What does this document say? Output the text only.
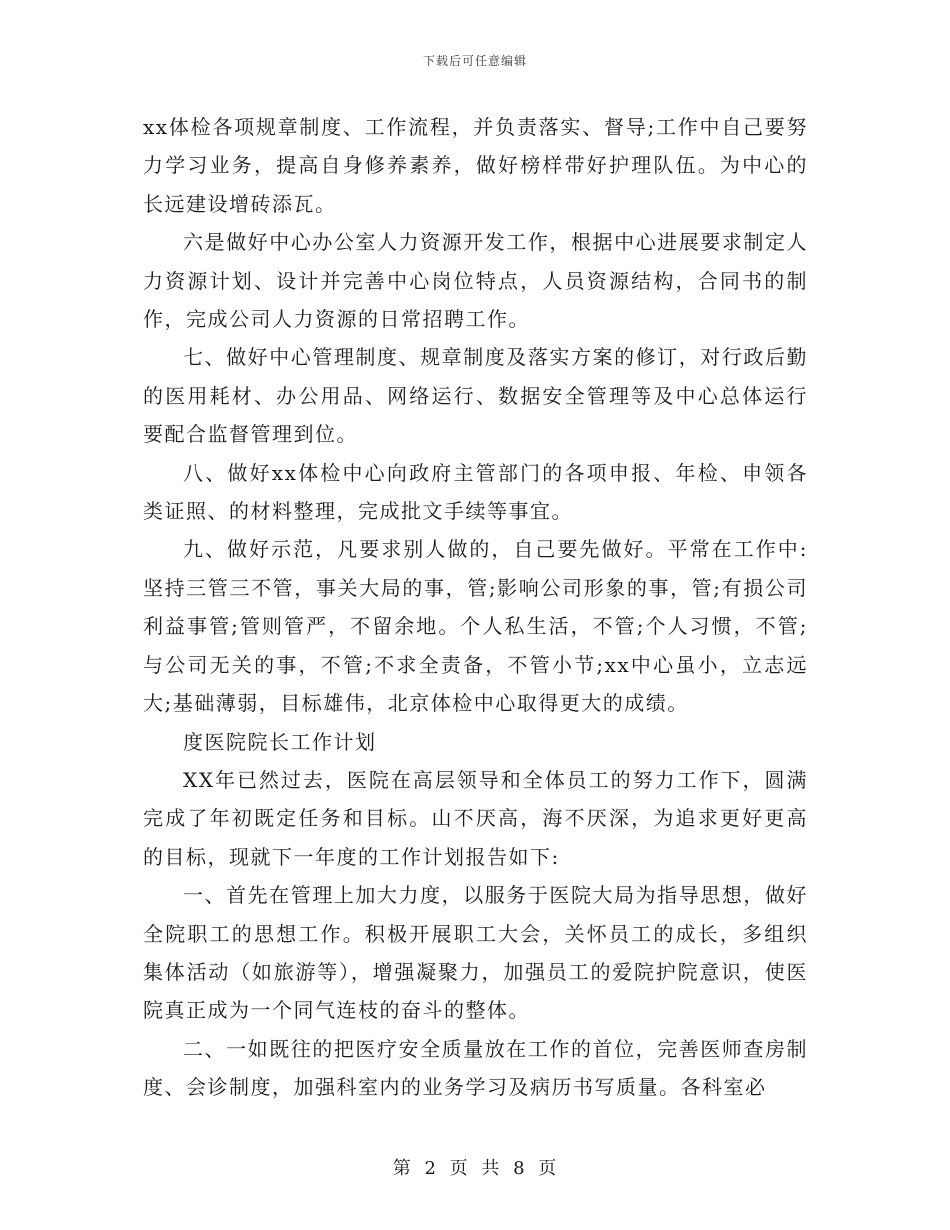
下载后可任意编辑

xx体检各项规章制度、工作流程，并负责落实、督导;工作中自己要努力学习业务，提高自身修养素养，做好榜样带好护理队伍。为中心的长远建设增砖添瓦。

六是做好中心办公室人力资源开发工作，根据中心进展要求制定人力资源计划、设计并完善中心岗位特点，人员资源结构，合同书的制作，完成公司人力资源的日常招聘工作。

七、做好中心管理制度、规章制度及落实方案的修订，对行政后勤的医用耗材、办公用品、网络运行、数据安全管理等及中心总体运行要配合监督管理到位。

八、做好xx体检中心向政府主管部门的各项申报、年检、申领各类证照、的材料整理，完成批文手续等事宜。

九、做好示范，凡要求别人做的，自己要先做好。平常在工作中:坚持三管三不管，事关大局的事，管;影响公司形象的事，管;有损公司利益事管;管则管严，不留余地。个人私生活，不管;个人习惯，不管;与公司无关的事，不管;不求全责备，不管小节;xx中心虽小，立志远大;基础薄弱，目标雄伟，北京体检中心取得更大的成绩。

度医院院长工作计划

XX年已然过去，医院在高层领导和全体员工的努力工作下，圆满完成了年初既定任务和目标。山不厌高，海不厌深，为追求更好更高的目标，现就下一年度的工作计划报告如下:

一、首先在管理上加大力度，以服务于医院大局为指导思想，做好全院职工的思想工作。积极开展职工大会，关怀员工的成长，多组织集体活动（如旅游等），增强凝聚力，加强员工的爱院护院意识，使医院真正成为一个同气连枝的奋斗的整体。

二、一如既往的把医疗安全质量放在工作的首位，完善医师查房制度、会诊制度，加强科室内的业务学习及病历书写质量。各科室必

第 2 页 共 8 页
